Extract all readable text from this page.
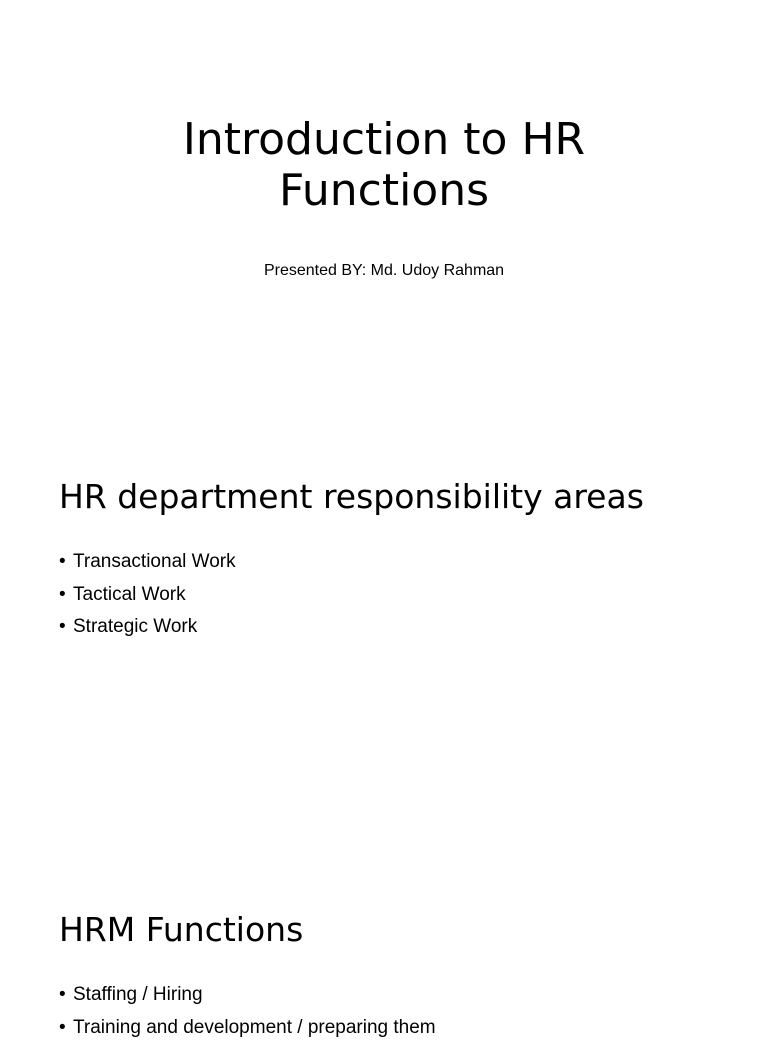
Introduction to HR
Functions
Presented BY: Md. Udoy Rahman
HR department responsibility areas
• Transactional Work
• Tactical Work
• Strategic Work
HRM Functions
• Staffing / Hiring
• Training and development / preparing them
